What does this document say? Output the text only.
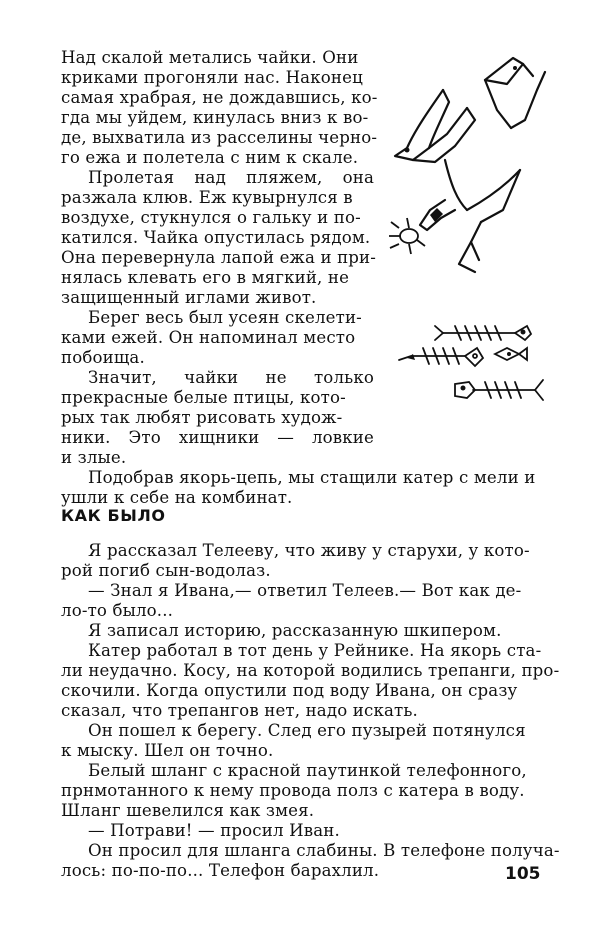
Над скалой метались чайки. Они
криками прогоняли нас. Наконец
самая храбрая, не дождавшись, ко-
гда мы уйдем, кинулась вниз к во-
де, выхватила из расселины черно-
го ежа и полетела с ним к скале.
Пролетая над пляжем, она
разжала клюв. Еж кувырнулся в
воздухе, стукнулся о гальку и по-
катился. Чайка опустилась рядом.
Она перевернула лапой ежа и при-
нялась клевать его в мягкий, не
защищенный иглами живот.
Берег весь был усеян скелети-
ками ежей. Он напоминал место
побоища.
Значит, чайки не только
прекрасные белые птицы, кото-
рых так любят рисовать худож-
ники. Это хищники — ловкие
и злые.
Подобрав якорь-цепь, мы стащили катер с мели и
ушли к себе на комбинат.
КАК БЫЛО
Я рассказал Телееву, что живу у старухи, у кото-
рой погиб сын-водолаз.
— Знал я Ивана,— ответил Телеев.— Вот как де-
ло-то было...
Я записал историю, рассказанную шкипером.
Катер работал в тот день у Рейнике. На якорь ста-
ли неудачно. Косу, на которой водились трепанги, про-
скочили. Когда опустили под воду Ивана, он сразу
сказал, что трепангов нет, надо искать.
Он пошел к берегу. След его пузырей потянулся
к мыску. Шел он точно.
Белый шланг с красной паутинкой телефонного,
прнмотанного к нему провода полз с катера в воду.
Шланг шевелился как змея.
— Потрави! — просил Иван.
Он просил для шланга слабины. В телефоне получа-
лось: по-по-по... Телефон барахлил.	105
